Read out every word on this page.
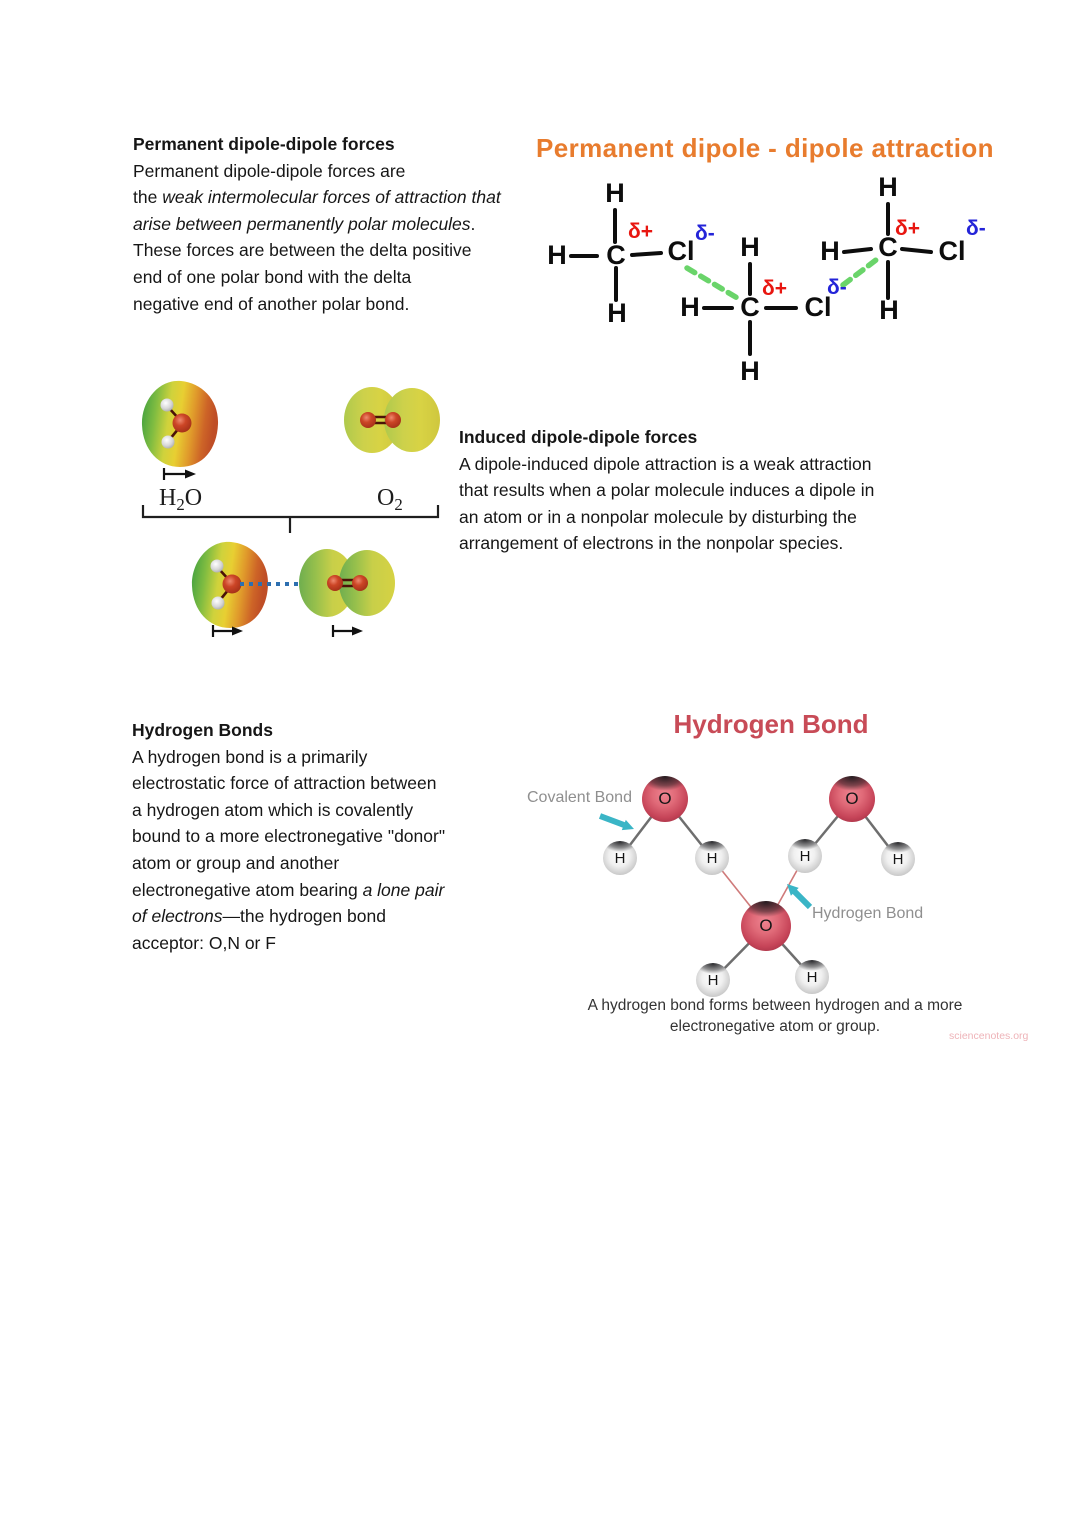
Permanent dipole-dipole forces

Permanent dipole-dipole forces are

the weak intermolecular forces of attraction that

arise between permanently polar molecules.

These forces are between the delta positive

end of one polar bond with the delta

negative end of another polar bond.

Permanent dipole - dipole attraction
H
H C Cl
H
δ+ δ- H
H C Cl
H
δ+ δ-
H
H C Cl
H
δ+ δ-
$H_2O$	$O_2$

Induced dipole-dipole forces

A dipole-induced dipole attraction is a weak attraction

that results when a polar molecule induces a dipole in

an atom or in a nonpolar molecule by disturbing the

arrangement of electrons in the nonpolar species.

Hydrogen Bonds

A hydrogen bond is a primarily

electrostatic force of attraction between

a hydrogen atom which is covalently

bound to a more electronegative "donor"

atom or group and another

electronegative atom bearing a lone pair

of electrons—the hydrogen bond

acceptor: O,N or F

Hydrogen Bond
O	O
O
H	H	H	H
H	H
Covalent Bond
Hydrogen Bond
A hydrogen bond forms between hydrogen and a more
electronegative atom or group.
sciencenotes.org
